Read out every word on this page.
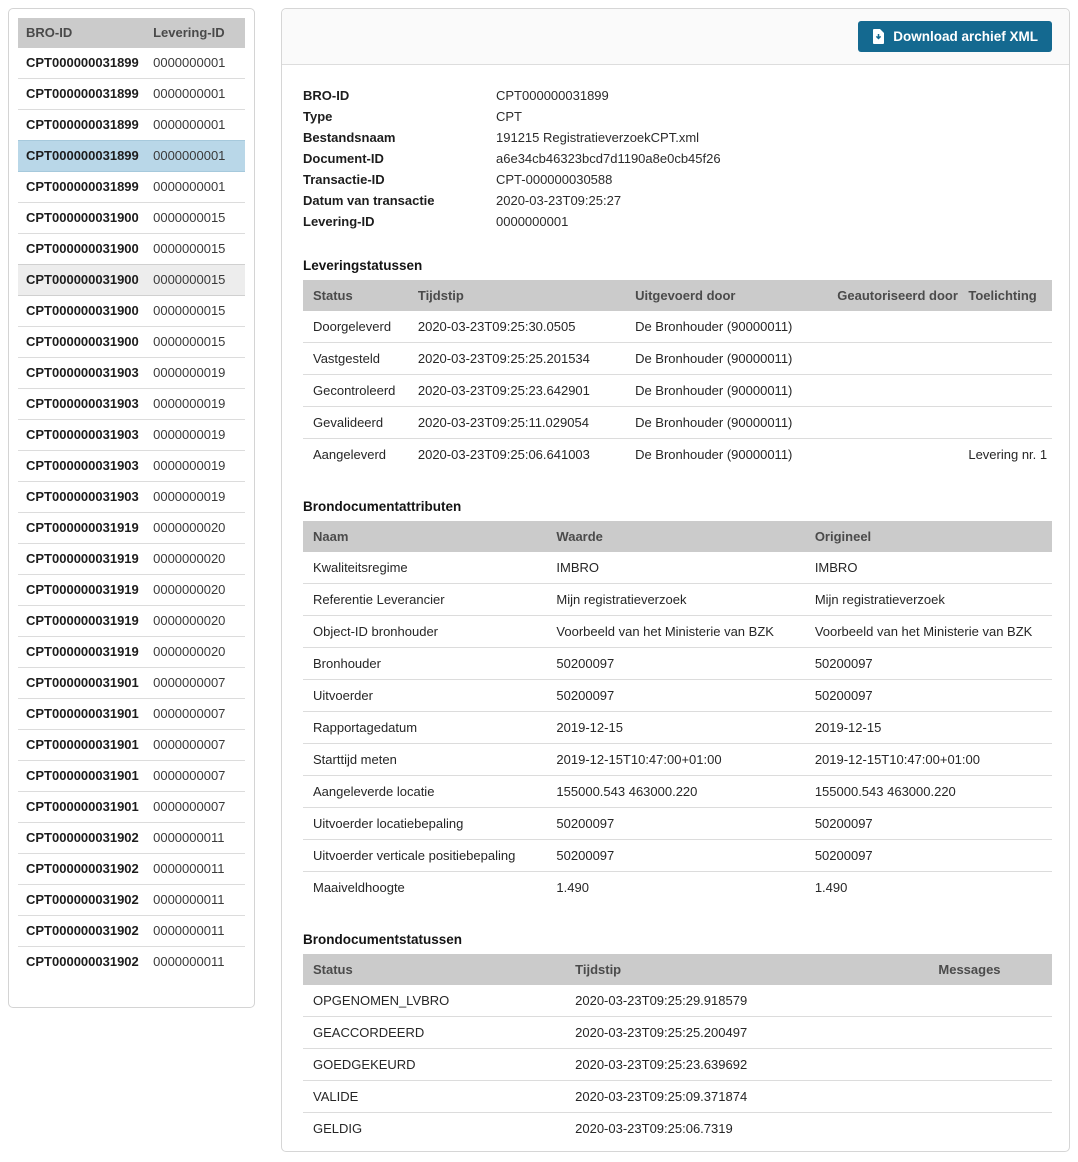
BRO-ID	Levering-ID
CPT000000031899	0000000001
CPT000000031899	0000000001
CPT000000031899	0000000001
CPT000000031899	0000000001
CPT000000031899	0000000001
CPT000000031900	0000000015
CPT000000031900	0000000015
CPT000000031900	0000000015
CPT000000031900	0000000015
CPT000000031900	0000000015
CPT000000031903	0000000019
CPT000000031903	0000000019
CPT000000031903	0000000019
CPT000000031903	0000000019
CPT000000031903	0000000019
CPT000000031919	0000000020
CPT000000031919	0000000020
CPT000000031919	0000000020
CPT000000031919	0000000020
CPT000000031919	0000000020
CPT000000031901	0000000007
CPT000000031901	0000000007
CPT000000031901	0000000007
CPT000000031901	0000000007
CPT000000031901	0000000007
CPT000000031902	0000000011
CPT000000031902	0000000011
CPT000000031902	0000000011
CPT000000031902	0000000011
CPT000000031902	0000000011
Download archief XML
BRO-ID	CPT000000031899
Type	CPT
Bestandsnaam	191215 RegistratieverzoekCPT.xml
Document-ID	a6e34cb46323bcd7d1190a8e0cb45f26
Transactie-ID	CPT-000000030588
Datum van transactie	2020-03-23T09:25:27
Levering-ID	0000000001
Leveringstatussen
Status	Tijdstip	Uitgevoerd door	Geautoriseerd door	Toelichting
Doorgeleverd	2020-03-23T09:25:30.0505	De Bronhouder (90000011)		
Vastgesteld	2020-03-23T09:25:25.201534	De Bronhouder (90000011)		
Gecontroleerd	2020-03-23T09:25:23.642901	De Bronhouder (90000011)		
Gevalideerd	2020-03-23T09:25:11.029054	De Bronhouder (90000011)		
Aangeleverd	2020-03-23T09:25:06.641003	De Bronhouder (90000011)		Levering nr. 1
Brondocumentattributen
Naam	Waarde	Origineel
Kwaliteitsregime	IMBRO	IMBRO
Referentie Leverancier	Mijn registratieverzoek	Mijn registratieverzoek
Object-ID bronhouder	Voorbeeld van het Ministerie van BZK	Voorbeeld van het Ministerie van BZK
Bronhouder	50200097	50200097
Uitvoerder	50200097	50200097
Rapportagedatum	2019-12-15	2019-12-15
Starttijd meten	2019-12-15T10:47:00+01:00	2019-12-15T10:47:00+01:00
Aangeleverde locatie	155000.543 463000.220	155000.543 463000.220
Uitvoerder locatiebepaling	50200097	50200097
Uitvoerder verticale positiebepaling	50200097	50200097
Maaiveldhoogte	1.490	1.490
Brondocumentstatussen
Status	Tijdstip	Messages
OPGENOMEN_LVBRO	2020-03-23T09:25:29.918579	
GEACCORDEERD	2020-03-23T09:25:25.200497	
GOEDGEKEURD	2020-03-23T09:25:23.639692	
VALIDE	2020-03-23T09:25:09.371874	
GELDIG	2020-03-23T09:25:06.7319	
